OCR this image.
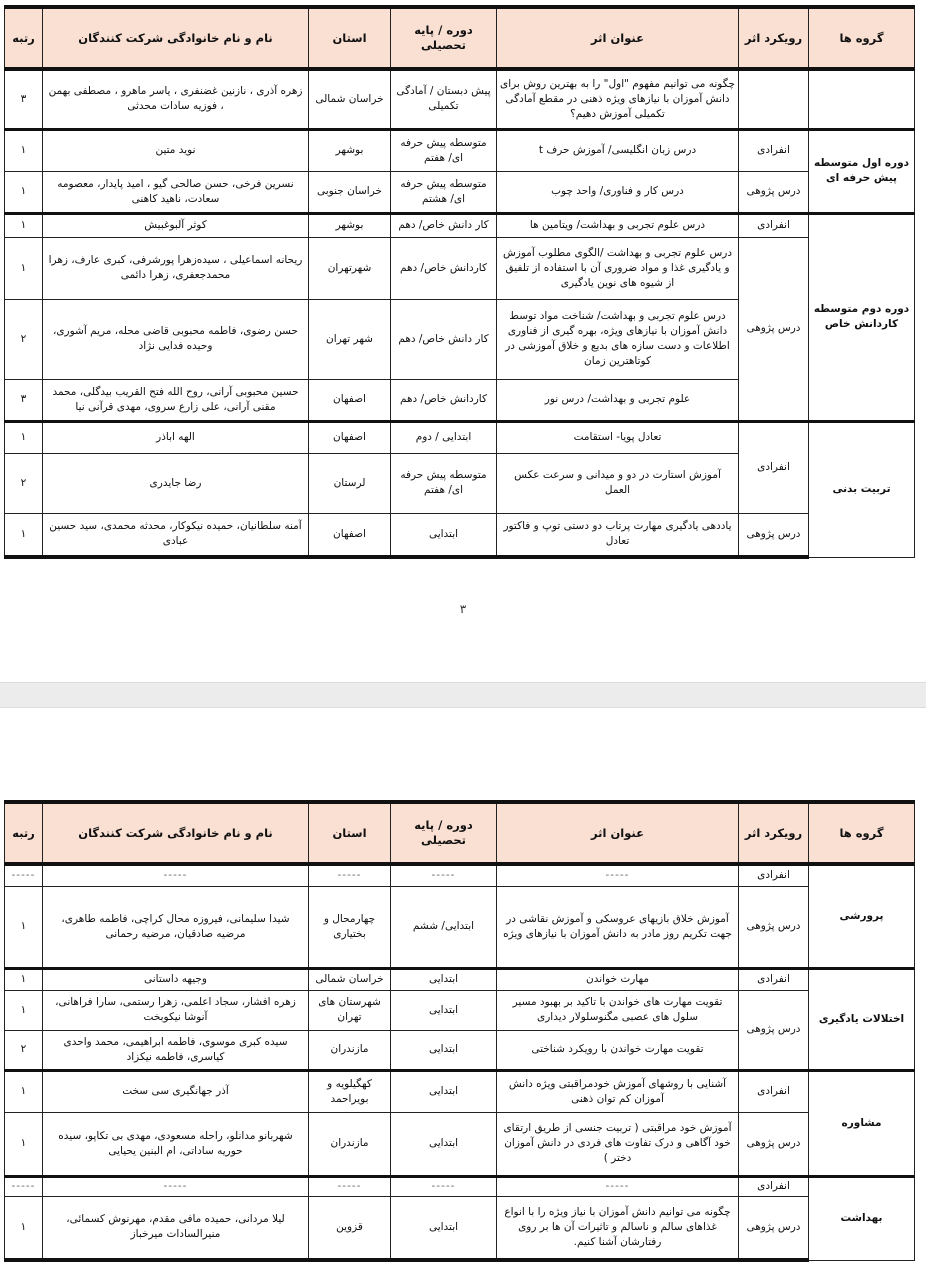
گروه ها	رویکرد اثر	عنوان اثر	دوره / پایه تحصیلی	استان	نام و نام خانوادگی شرکت کنندگان	رتبه
		چگونه می توانیم مفهوم "اول" را به بهترین روش برای دانش آموزان با نیازهای ویژه ذهنی در مقطع آمادگی تکمیلی آموزش دهیم؟	پیش دبستان / آمادگی تکمیلی	خراسان شمالی	زهره آذری ، نازنین غضنفری ، یاسر ماهرو ، مصطفی بهمن ، فوزیه سادات محدثی	۳
دوره اول متوسطه پیش حرفه ای	انفرادی	درس زبان انگلیسی/ آموزش حرف t	متوسطه پیش حرفه ای/ هفتم	بوشهر	نوید متین	۱
	درس پژوهی	درس کار و فناوری/ واحد چوب	متوسطه پیش حرفه ای/ هشتم	خراسان جنوبی	نسرین فرخی، حسن صالحی گیو ، امید پایدار، معصومه سعادت، ناهید کاهنی	۱
دوره دوم متوسطه کاردانش خاص	انفرادی	درس علوم تجربی و بهداشت/ ویتامین ها	کار دانش خاص/ دهم	بوشهر	کوثر آلبوغبیش	۱
	درس پژوهی	درس علوم تجربی و بهداشت /الگوی مطلوب آموزش و یادگیری غذا و مواد ضروری آن با استفاده از تلفیق از شیوه های نوین یادگیری	کاردانش خاص/ دهم	شهرتهران	ریحانه اسماعیلی ، سیده‌زهرا پورشرفی، کبری عارف، زهرا محمدجعفری، زهرا دائمی	۱
		درس علوم تجربی و بهداشت/ شناخت مواد توسط دانش آموزان با نیازهای ویژه، بهره گیری از فناوری اطلاعات و دست سازه های بدیع و خلاق آموزشی در کوتاهترین زمان	کار دانش خاص/ دهم	شهر تهران	حسن رضوی، فاطمه محبوبی قاضی محله، مریم آشوری، وحیده فدایی نژاد	۲
		علوم تجربی و بهداشت/ درس نور	کاردانش خاص/ دهم	اصفهان	حسین محبوبی آرانی، روح الله فتح القریب بیدگلی، محمد مقنی آرانی، علی زارع سروی، مهدی قرآنی نیا	۳
تربیت بدنی	انفرادی	تعادل پویا- استقامت	ابتدایی / دوم	اصفهان	الهه اباذر	۱
		آموزش استارت در دو و میدانی و سرعت عکس العمل	متوسطه پیش حرفه ای/ هفتم	لرستان	رضا جایدری	۲
	درس پژوهی	یاددهی یادگیری مهارت پرتاب دو دستی توپ و فاکتور تعادل	ابتدایی	اصفهان	آمنه سلطانیان، حمیده نیکوکار، محدثه محمدی، سید حسین عبادی	۱
۳
گروه ها	رویکرد اثر	عنوان اثر	دوره / پایه تحصیلی	استان	نام و نام خانوادگی شرکت کنندگان	رتبه
پرورشی	انفرادی	-----	-----	-----	-----	-----
	درس پژوهی	آموزش خلاق بازیهای عروسکی و آموزش نقاشی در جهت تکریم روز مادر به دانش آموزان با نیازهای ویژه	ابتدایی/ ششم	چهارمحال و بختیاری	شیدا سلیمانی، فیروزه محال کراچی، فاطمه طاهری، مرضیه صادقیان، مرضیه رحمانی	۱
اختلالات یادگیری	انفرادی	مهارت خواندن	ابتدایی	خراسان شمالی	وجیهه داستانی	۱
	درس پژوهی	تقویت مهارت های خواندن با تاکید بر بهبود مسیر سلول های عصبی مگنوسلولار دیداری	ابتدایی	شهرستان های تهران	زهره افشار، سجاد اعلمی، زهرا رستمی، سارا فراهانی، آنوشا نیکوبخت	۱
		تقویت مهارت خواندن با رویکرد شناختی	ابتدایی	مازندران	سیده کبری موسوی، فاطمه ابراهیمی، محمد واحدی کیاسری، فاطمه نیکزاد	۲
مشاوره	انفرادی	آشنایی با روشهای آموزش خودمراقبتی ویژه دانش آموزان کم توان ذهنی	ابتدایی	کهگیلویه و بویراحمد	آذر جهانگیری سی سخت	۱
	درس پژوهی	آموزش خود مراقبتی ( تربیت جنسی از طریق ارتقای خود آگاهی و درک تفاوت های فردی در دانش آموزان دختر )	ابتدایی	مازندران	شهربانو مدانلو، راحله مسعودی، مهدی بی تکاپو، سیده حوریه ساداتی، ام البنین یحیایی	۱
بهداشت	انفرادی	-----	-----	-----	-----	-----
	درس پژوهی	چگونه می توانیم دانش آموزان با نیاز ویژه را با انواع غذاهای سالم و ناسالم و تاثیرات آن ها بر روی رفتارشان آشنا کنیم.	ابتدایی	قزوین	لیلا مردانی، حمیده مافی مقدم، مهرنوش کسمائی، منیرالسادات میرخباز	۱
